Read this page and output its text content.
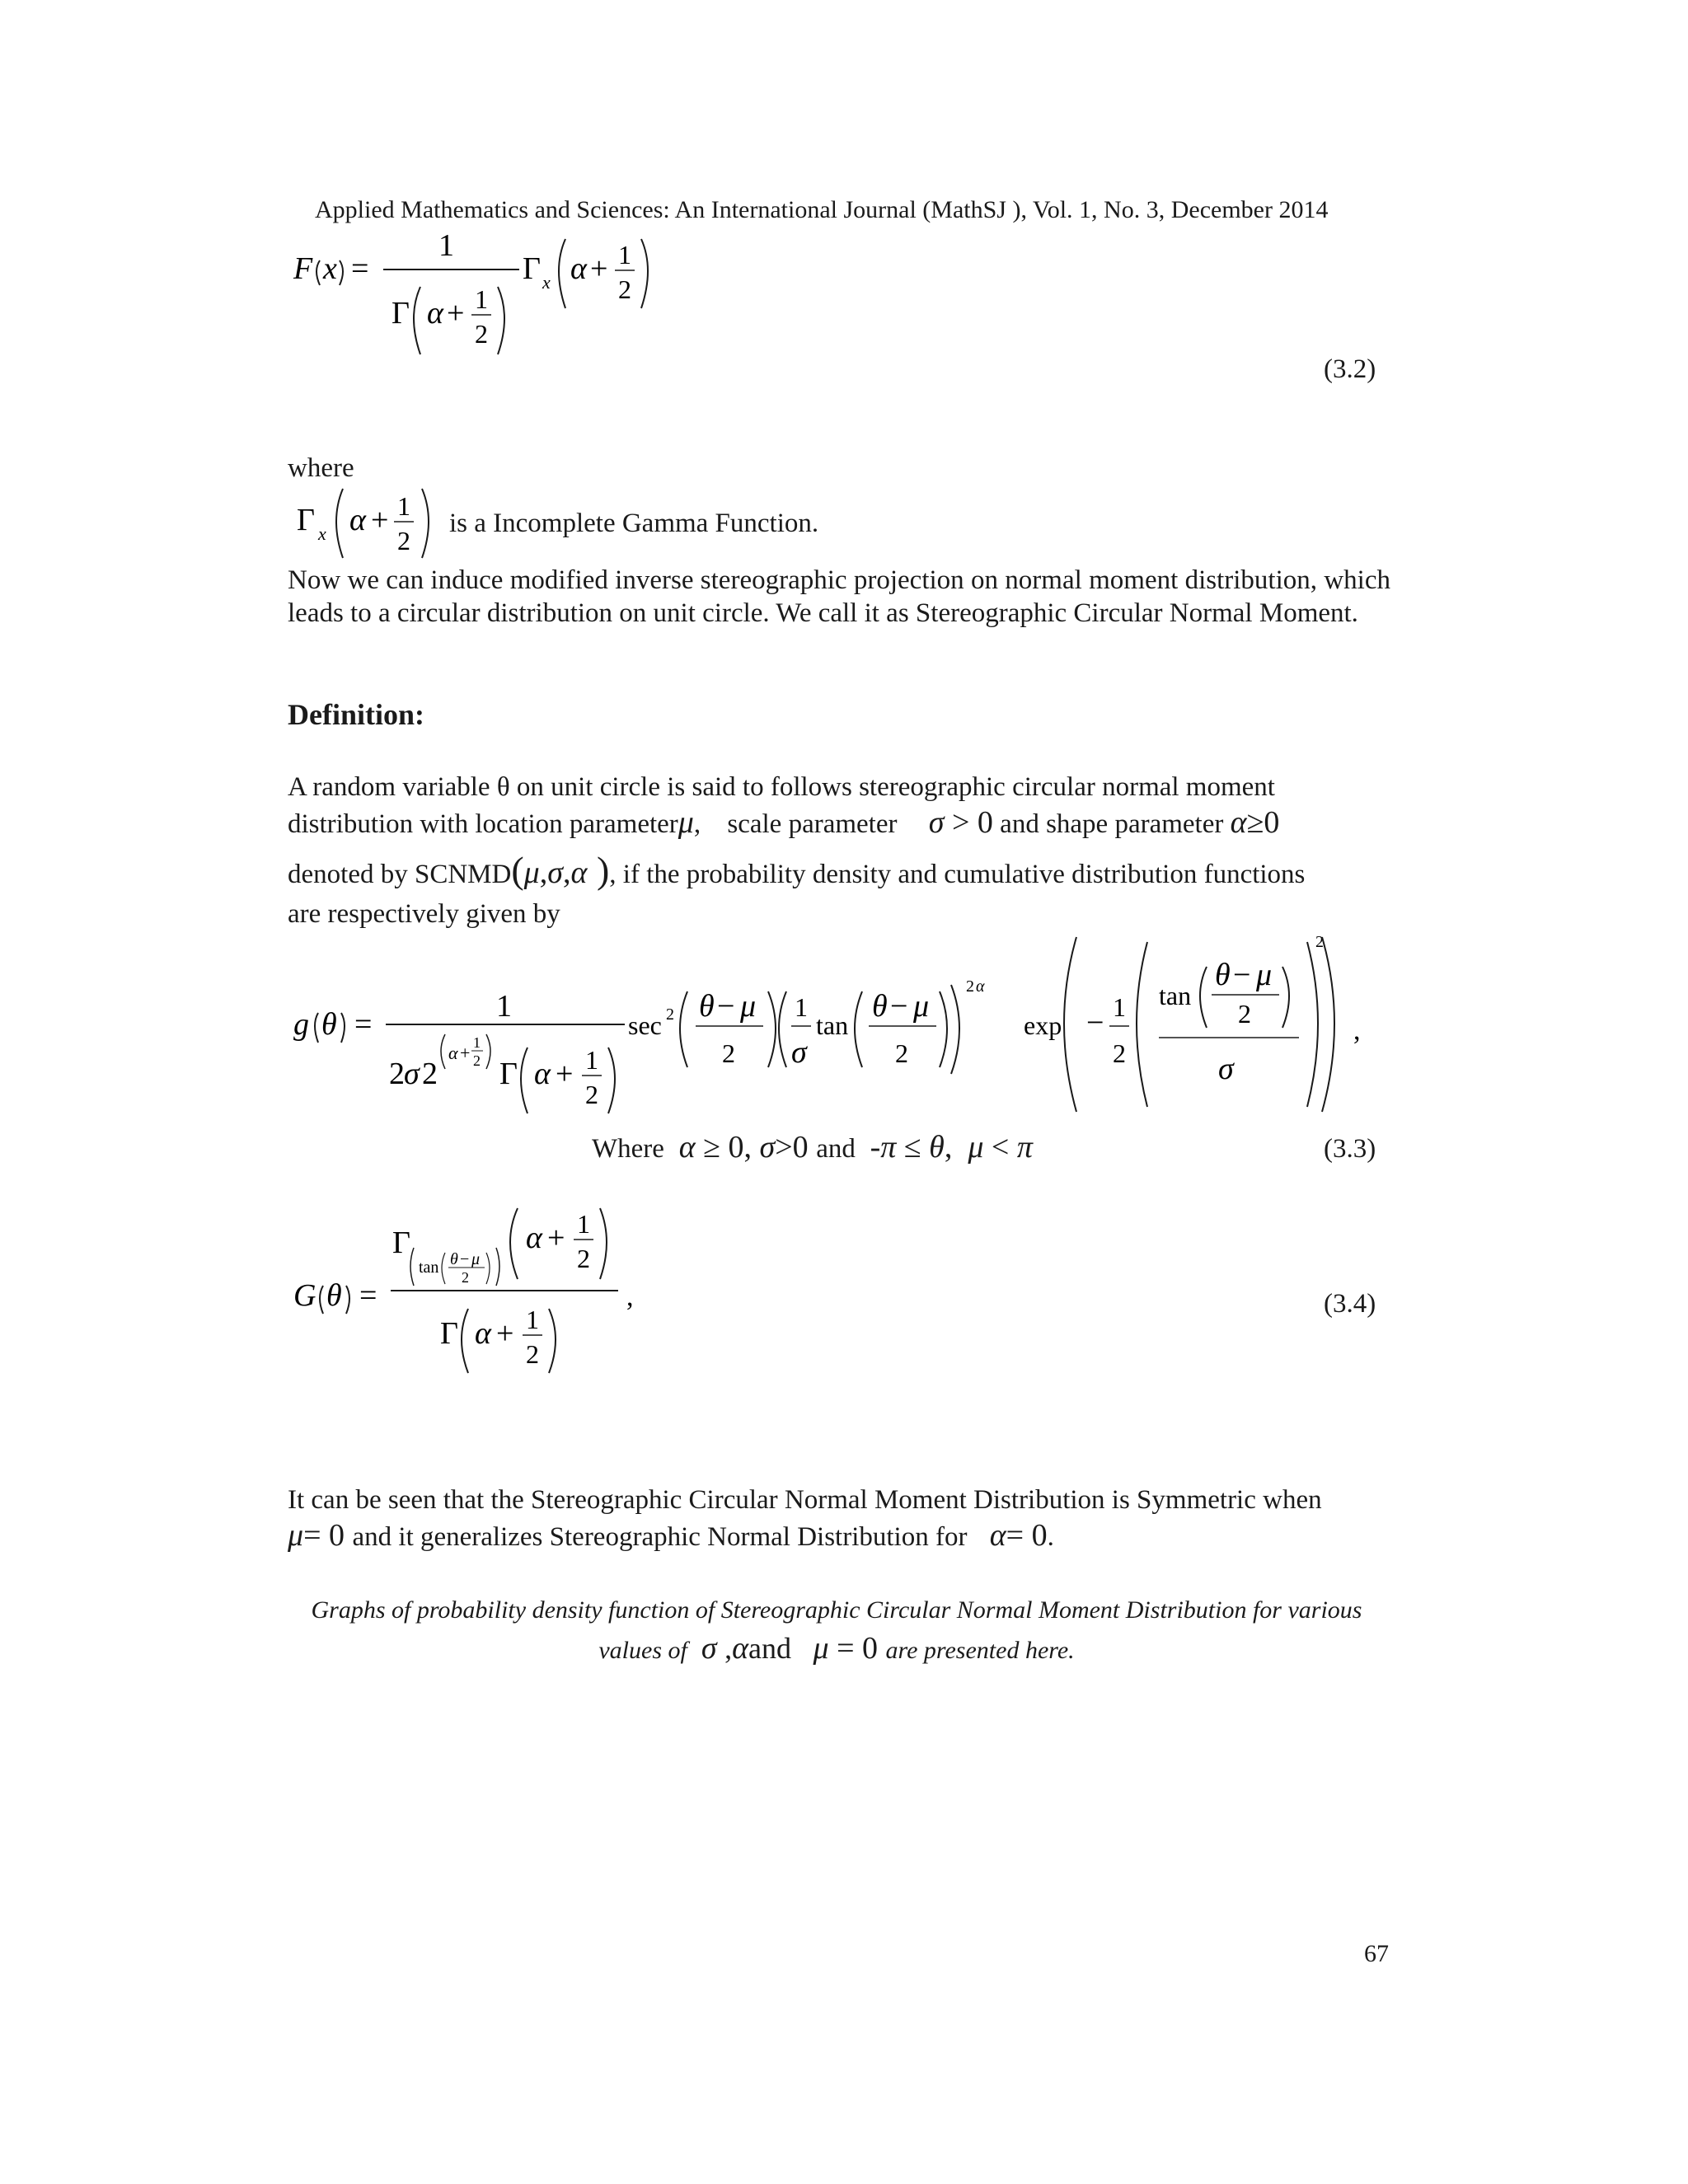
Applied Mathematics and Sciences: An International Journal (MathSJ ), Vol. 1, No. 3, December 2014
F x =
1
Γ α + 1
2
Γ x α + 1
2
(3.2)
where
Γ x α + 1
2
is a Incomplete Gamma Function.
Now we can induce modified inverse stereographic projection on normal moment distribution, which leads to a circular distribution on unit circle. We call it as Stereographic Circular Normal Moment.
Definition:
A random variable θ on unit circle is said to follows stereographic circular normal moment
distribution with location parameterμ, scale parameter σ > 0 and shape parameter α≥0
denoted by SCNMD(μ,σ,α ), if the probability density and cumulative distribution functions
are respectively given by
g θ =
1
2 σ 2
α + 1
2 Γ α + 1
2
sec 2 θ − μ
2
1
σ
tan
θ − μ
2
2 α
exp − 1
2
tan
θ − μ
2
σ
2
,
Where  α ≥ 0, σ>0 and  -π ≤ θ,  μ < π	(3.3)
G θ =
Γ
tan θ − μ
2
α + 1
2
Γ α + 1
2
,	(3.4)
It can be seen that the Stereographic Circular Normal Moment Distribution is Symmetric when
μ= 0 and it generalizes Stereographic Normal Distribution for   α= 0.
Graphs of probability density function of Stereographic Circular Normal Moment Distribution for various
values of  σ ,αand   μ = 0 are presented here.
67
